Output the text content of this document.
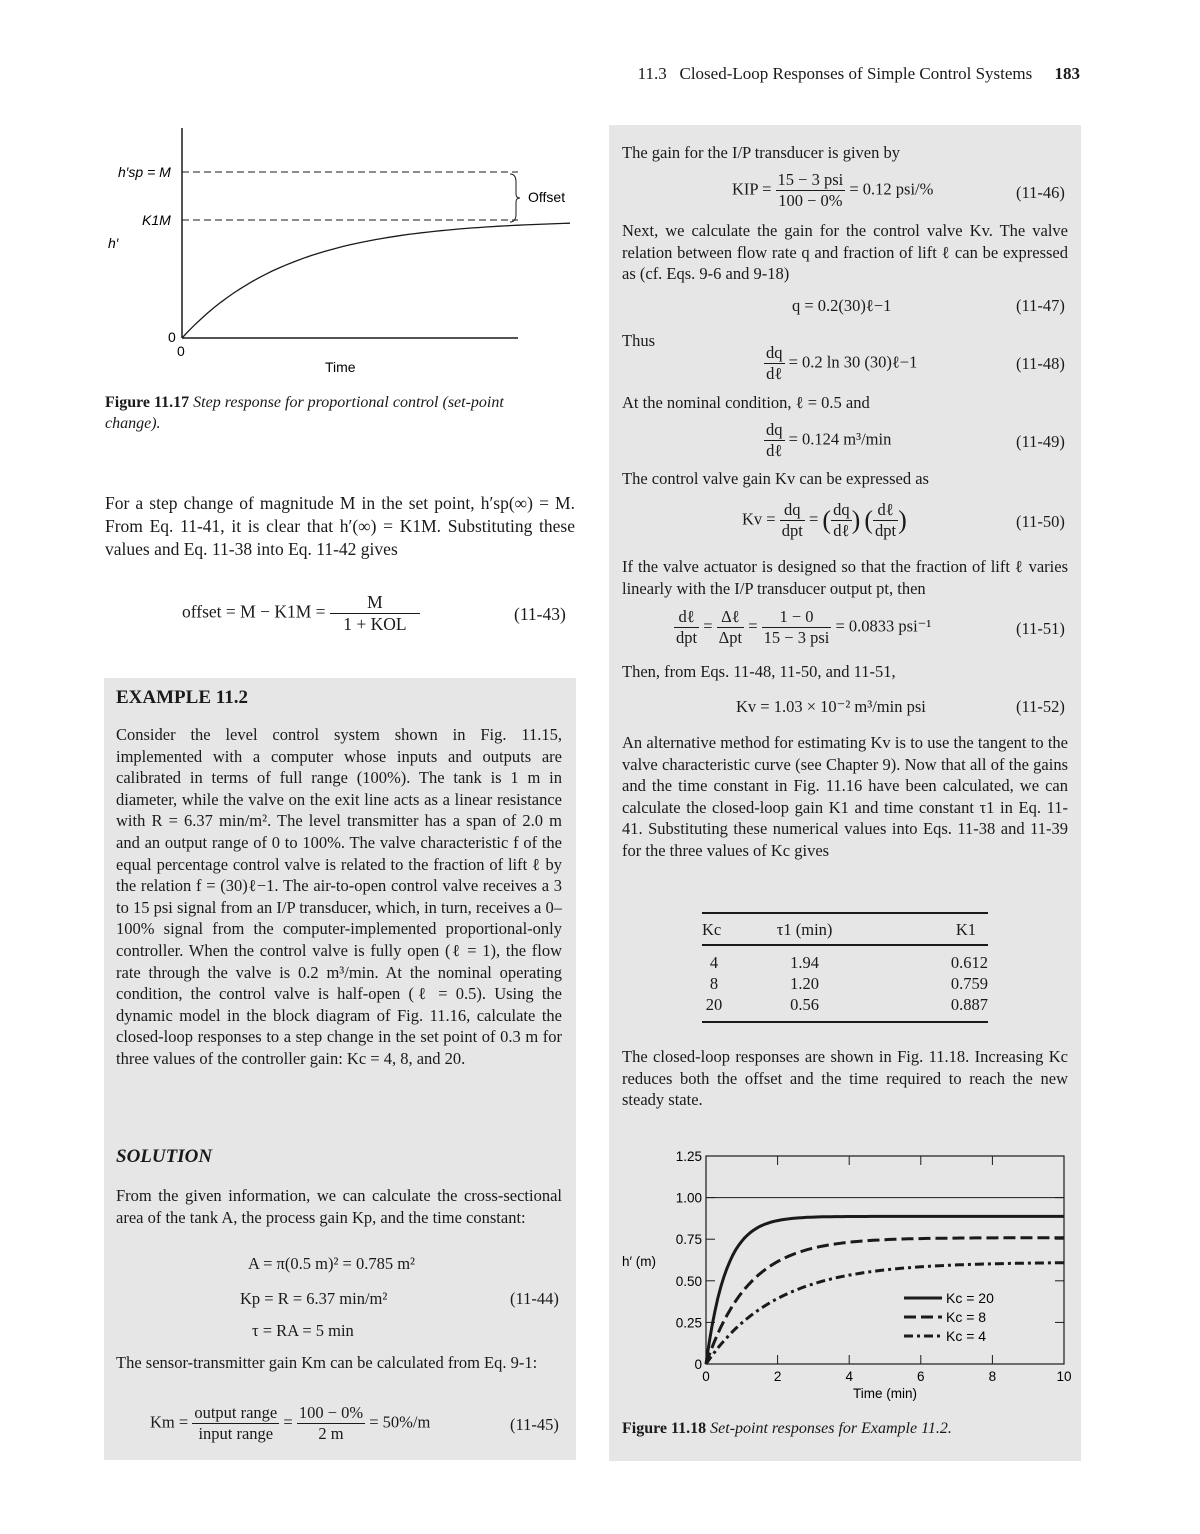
11.3 Closed-Loop Responses of Simple Control Systems 183
Offset
h′sp = M
K1M
h′
0
0
Time

Figure 11.17 Step response for proportional control (set-point change).

For a step change of magnitude M in the set point, h′sp(∞) = M. From Eq. 11-41, it is clear that h′(∞) = K1M. Substituting these values and Eq. 11-38 into Eq. 11-42 gives

offset = $M - K1M = \frac{M}{\text{1 + KOL}}$	(11-43)
EXAMPLE 11.2

Consider the level control system shown in Fig. 11.15, implemented with a computer whose inputs and outputs are calibrated in terms of full range (100%). The tank is 1 m in diameter, while the valve on the exit line acts as a linear resistance with R = 6.37 min/m². The level transmitter has a span of 2.0 m and an output range of 0 to 100%. The valve characteristic f of the equal percentage control valve is related to the fraction of lift ℓ by the relation f = (30)ℓ−1. The air-to-open control valve receives a 3 to 15 psi signal from an I/P transducer, which, in turn, receives a 0–100% signal from the computer-implemented proportional-only controller. When the control valve is fully open (ℓ = 1), the flow rate through the valve is 0.2 m³/min. At the nominal operating condition, the control valve is half-open (ℓ = 0.5). Using the dynamic model in the block diagram of Fig. 11.16, calculate the closed-loop responses to a step change in the set point of 0.3 m for three values of the controller gain: Kc = 4, 8, and 20.

SOLUTION

From the given information, we can calculate the cross-sectional area of the tank A, the process gain Kp, and the time constant:

A = π(0.5 m)² = 0.785 m²
Kp = R = 6.37 min/m²	(11-44)
τ = RA = 5 min

The sensor-transmitter gain Km can be calculated from Eq. 9-1:

$Km = \frac{\text{output range}}{\text{input range}} = \frac{100 - 0\%}{2 m} = 50\%/m$	(11-45)

The gain for the I/P transducer is given by

KIP = $\frac{\text{15 − 3 psi}}{100 - 0\%} = 0.12$ psi/%	(11-46)

Next, we calculate the gain for the control valve Kv. The valve relation between flow rate q and fraction of lift ℓ can be expressed as (cf. Eqs. 9-6 and 9-18)

q = 0.2(30)ℓ−1	(11-47)

Thus

$\frac{dq}{\text{dℓ}} = 0.2$ ln 30 (30)ℓ−1	(11-48)

At the nominal condition, ℓ = 0.5 and

$\frac{dq}{\text{dℓ}} = 0.124$ m³/min	(11-49)

The control valve gain Kv can be expressed as

$Kv = \frac{dq}{\text{dpt}}$ = ( $\frac{dq}{\text{dℓ}}$ ) ( $\frac{\text{dℓ}}{\text{dpt}}$ )	(11-50)

If the valve actuator is designed so that the fraction of lift ℓ varies linearly with the I/P transducer output pt, then

$\frac{\text{dℓ}}{\text{dpt}} = \frac{\text{Δℓ}}{\text{Δpt}} = \frac{1 - 0}{\text{15 − 3 psi}} = 0.0833$ psi⁻¹	(11-51)

Then, from Eqs. 11-48, 11-50, and 11-51,

Kv = 1.03 × 10⁻² m³/min psi	(11-52)

An alternative method for estimating Kv is to use the tangent to the valve characteristic curve (see Chapter 9). Now that all of the gains and the time constant in Fig. 11.16 have been calculated, we can calculate the closed-loop gain K1 and time constant τ1 in Eq. 11-41. Substituting these numerical values into Eqs. 11-38 and 11-39 for the three values of Kc gives

Kc	τ1 (min)	K1
4	1.94	0.612
8	1.20	0.759
20	0.56	0.887

The closed-loop responses are shown in Fig. 11.18. Increasing Kc reduces both the offset and the time required to reach the new steady state.

0	2	4	6	8	10
0
0.25
0.50
0.75
1.00
1.25
Kc = 20
Kc = 8
Kc = 4
h′ (m)
Time (min)

Figure 11.18 Set-point responses for Example 11.2.
